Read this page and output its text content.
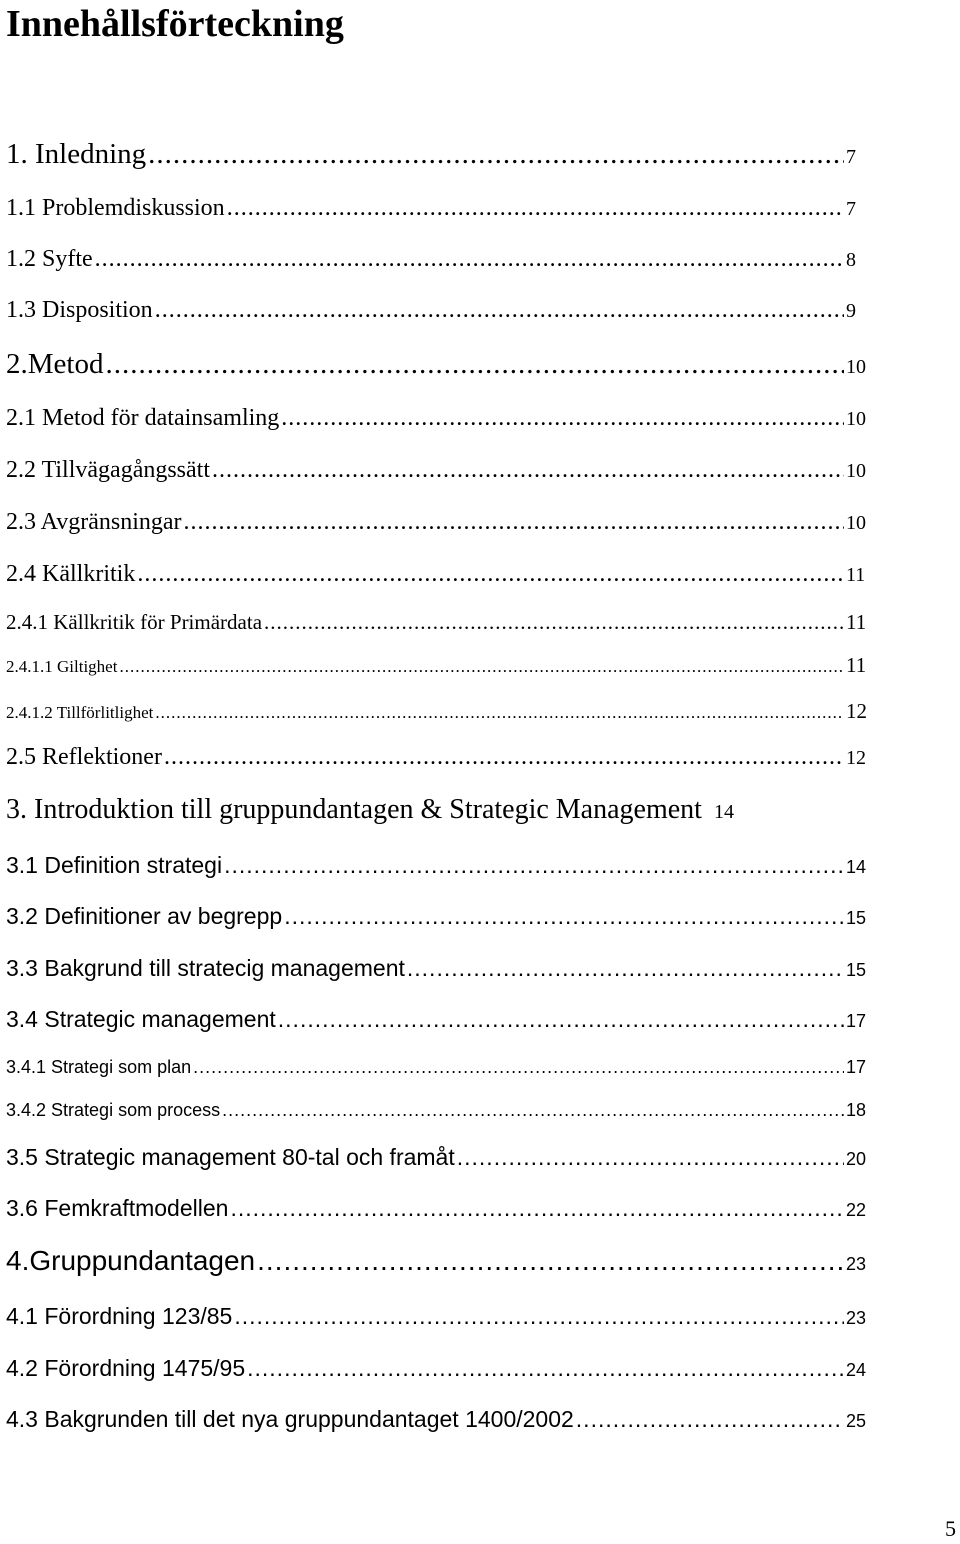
Innehållsförteckning
1. Inledning .....	7
1.1 Problemdiskussion .....	7
1.2 Syfte .....	8
1.3 Disposition .....	9
2.Metod .....	10
2.1 Metod för datainsamling .....	10
2.2 Tillvägagångssätt .....	10
2.3 Avgränsningar .....	10
2.4 Källkritik .....	11
2.4.1 Källkritik för Primärdata .....	11
2.4.1.1 Giltighet .....	11
2.4.1.2 Tillförlitlighet .....	12
2.5 Reflektioner .....	12
3. Introduktion till gruppundantagen & Strategic Management 14
3.1 Definition strategi .....	14
3.2 Definitioner av begrepp .....	15
3.3 Bakgrund till stratecig management .....	15
3.4 Strategic management .....	17
3.4.1 Strategi som plan .....	17
3.4.2 Strategi som process .....	18
3.5 Strategic management 80-tal och framåt .....	20
3.6 Femkraftmodellen .....	22
4.Gruppundantagen .....	23
4.1 Förordning 123/85 .....	23
4.2 Förordning 1475/95 .....	24
4.3 Bakgrunden till det nya gruppundantaget 1400/2002 .....	25
5
